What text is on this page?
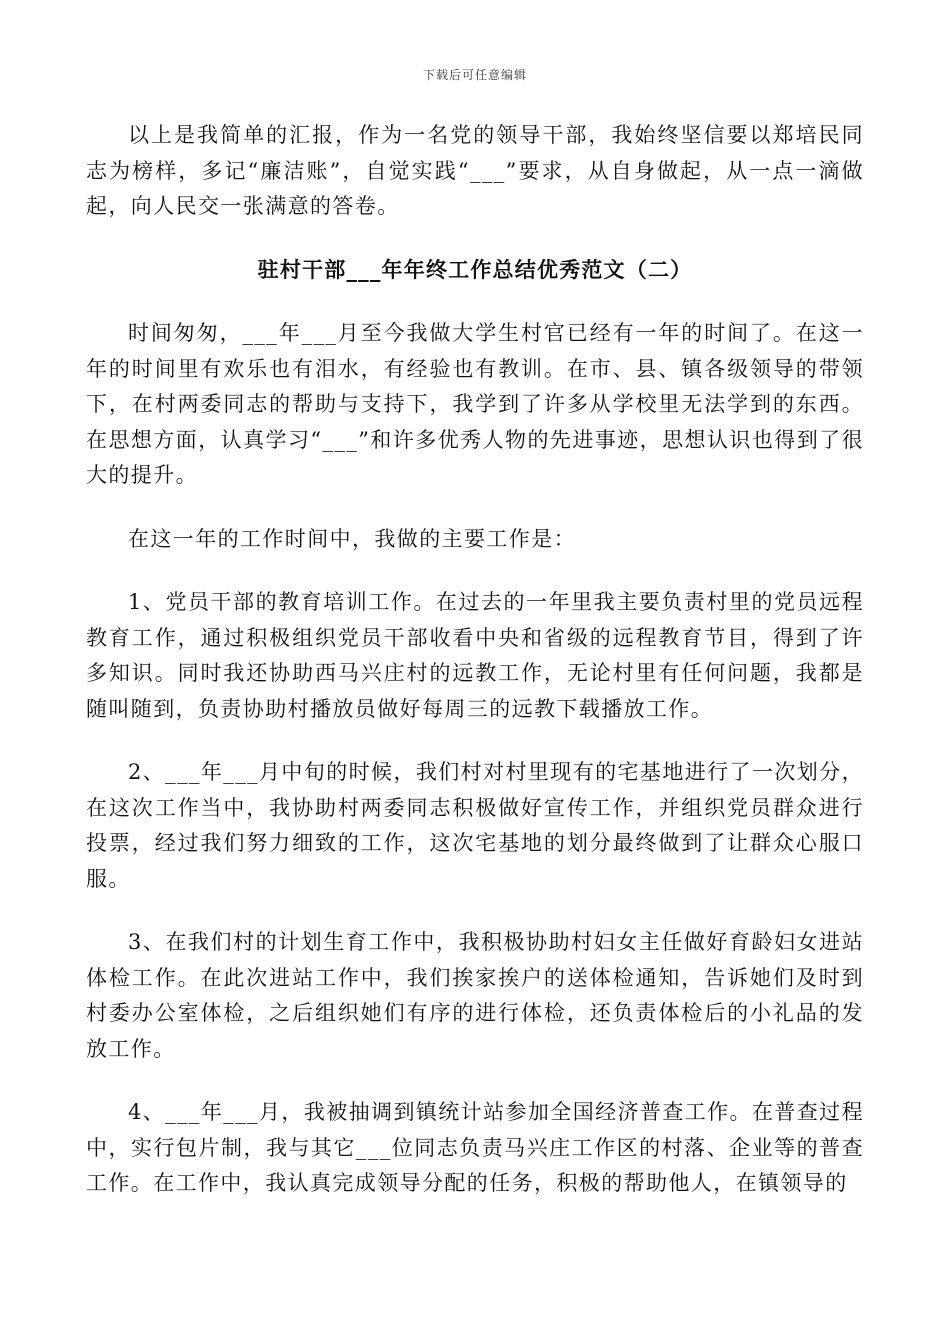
下载后可任意编辑

以上是我简单的汇报，作为一名党的领导干部，我始终坚信要以郑培民同志为榜样，多记“廉洁账”，自觉实践“___”要求，从自身做起，从一点一滴做起，向人民交一张满意的答卷。

驻村干部___年年终工作总结优秀范文（二）

时间匆匆，___年___月至今我做大学生村官已经有一年的时间了。在这一年的时间里有欢乐也有泪水，有经验也有教训。在市、县、镇各级领导的带领下，在村两委同志的帮助与支持下，我学到了许多从学校里无法学到的东西。在思想方面，认真学习“___”和许多优秀人物的先进事迹，思想认识也得到了很大的提升。

在这一年的工作时间中，我做的主要工作是：

1、党员干部的教育培训工作。在过去的一年里我主要负责村里的党员远程教育工作，通过积极组织党员干部收看中央和省级的远程教育节目，得到了许多知识。同时我还协助西马兴庄村的远教工作，无论村里有任何问题，我都是随叫随到，负责协助村播放员做好每周三的远教下载播放工作。

2、___年___月中旬的时候，我们村对村里现有的宅基地进行了一次划分，在这次工作当中，我协助村两委同志积极做好宣传工作，并组织党员群众进行投票，经过我们努力细致的工作，这次宅基地的划分最终做到了让群众心服口服。

3、在我们村的计划生育工作中，我积极协助村妇女主任做好育龄妇女进站体检工作。在此次进站工作中，我们挨家挨户的送体检通知，告诉她们及时到村委办公室体检，之后组织她们有序的进行体检，还负责体检后的小礼品的发放工作。

4、___年___月，我被抽调到镇统计站参加全国经济普查工作。在普查过程中，实行包片制，我与其它___位同志负责马兴庄工作区的村落、企业等的普查工作。在工作中，我认真完成领导分配的任务，积极的帮助他人，在镇领导的
